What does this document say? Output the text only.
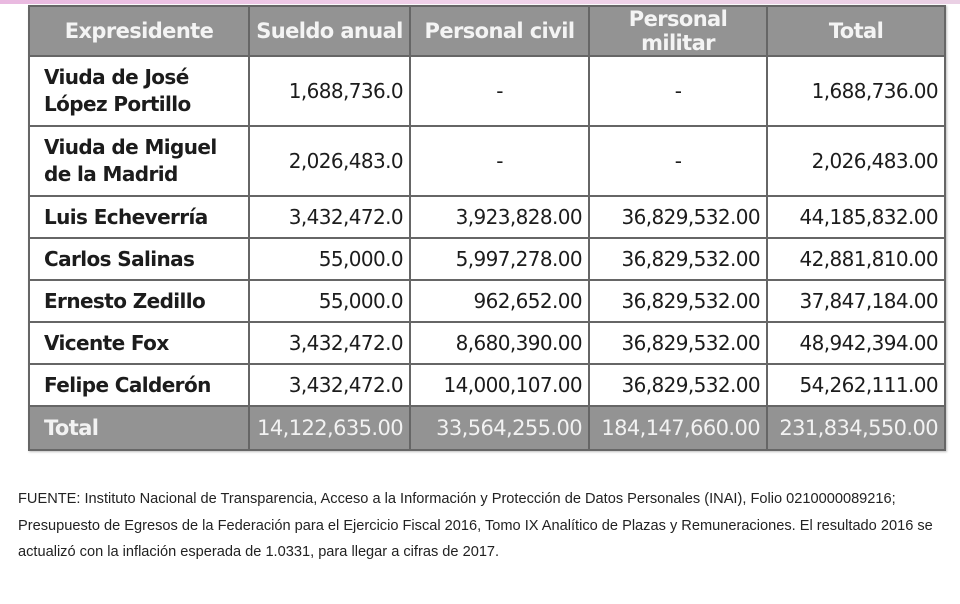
Expresidente	Sueldo anual	Personal civil	Personal militar	Total
Viuda de José López Portillo	1,688,736.0	-	-	1,688,736.00
Viuda de Miguel de la Madrid	2,026,483.0	-	-	2,026,483.00
Luis Echeverría	3,432,472.0	3,923,828.00	36,829,532.00	44,185,832.00
Carlos Salinas	55,000.0	5,997,278.00	36,829,532.00	42,881,810.00
Ernesto Zedillo	55,000.0	962,652.00	36,829,532.00	37,847,184.00
Vicente Fox	3,432,472.0	8,680,390.00	36,829,532.00	48,942,394.00
Felipe Calderón	3,432,472.0	14,000,107.00	36,829,532.00	54,262,111.00
Total	14,122,635.00	33,564,255.00	184,147,660.00	231,834,550.00
FUENTE: Instituto Nacional de Transparencia, Acceso a la Información y Protección de Datos Personales (INAI), Folio 0210000089216; Presupuesto de Egresos de la Federación para el Ejercicio Fiscal 2016, Tomo IX Analítico de Plazas y Remuneraciones. El resultado 2016 se actualizó con la inflación esperada de 1.0331, para llegar a cifras de 2017.
